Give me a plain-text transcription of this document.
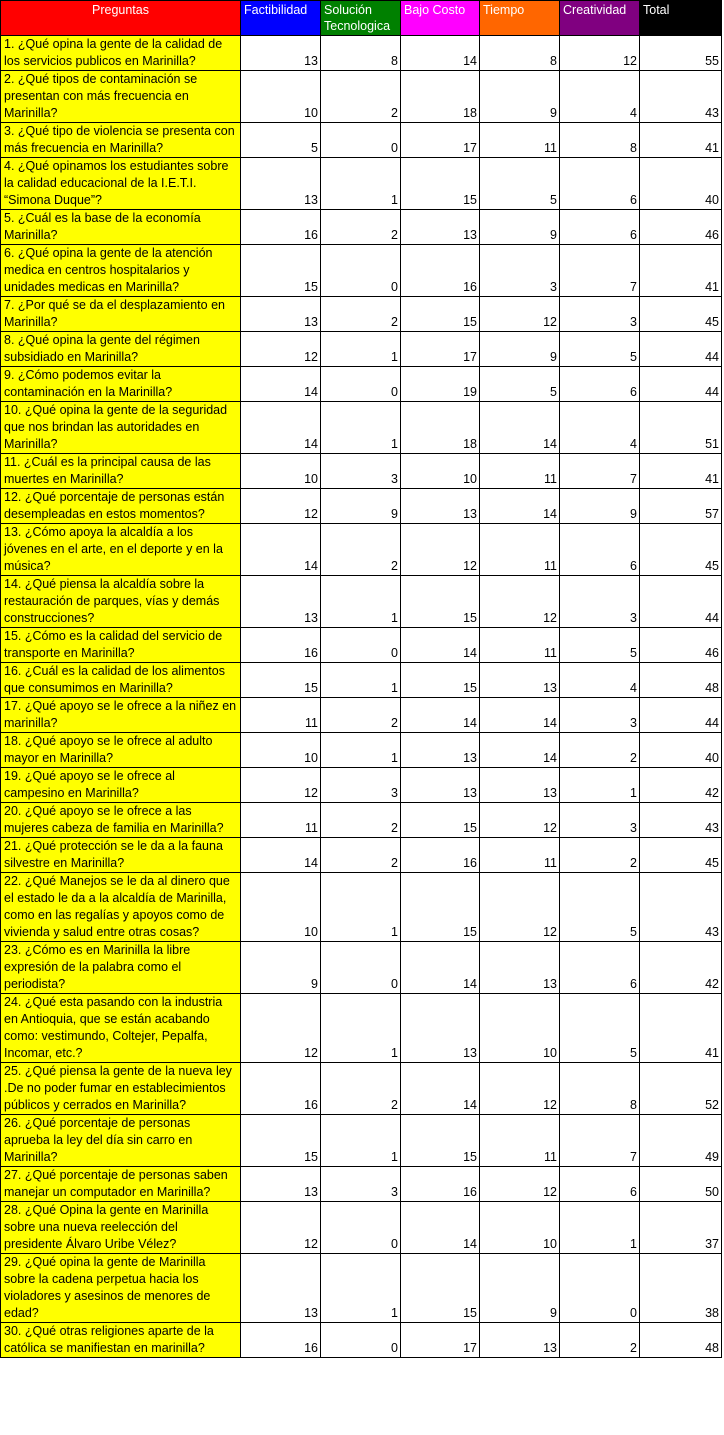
Preguntas	Factibilidad	Solución Tecnologica	Bajo Costo	Tiempo	Creatividad	Total
1. ¿Qué opina la gente de la calidad de los servicios publicos en Marinilla?	13	8	14	8	12	55
2. ¿Qué tipos de contaminación se presentan con más frecuencia en Marinilla?	10	2	18	9	4	43
3. ¿Qué tipo de violencia se presenta con más frecuencia en Marinilla?	5	0	17	11	8	41
4. ¿Qué opinamos los estudiantes sobre la calidad educacional de la I.E.T.I. “Simona Duque”?	13	1	15	5	6	40
5. ¿Cuál es la base de la economía Marinilla?	16	2	13	9	6	46
6. ¿Qué opina la gente de la atención medica en centros hospitalarios y unidades medicas en Marinilla?	15	0	16	3	7	41
7. ¿Por qué se da el desplazamiento en Marinilla?	13	2	15	12	3	45
8. ¿Qué opina la gente del régimen subsidiado en Marinilla?	12	1	17	9	5	44
9. ¿Cómo podemos evitar la contaminación en la Marinilla?	14	0	19	5	6	44
10. ¿Qué opina la gente de la seguridad que nos brindan las autoridades en Marinilla?	14	1	18	14	4	51
11. ¿Cuál es la principal causa de las muertes en Marinilla?	10	3	10	11	7	41
12. ¿Qué porcentaje de personas están desempleadas en estos momentos?	12	9	13	14	9	57
13. ¿Cómo apoya la alcaldía a los jóvenes en el arte, en el deporte y en la música?	14	2	12	11	6	45
14. ¿Qué piensa la alcaldía sobre la restauración de parques, vías y demás construcciones?	13	1	15	12	3	44
15. ¿Cómo es la calidad del servicio de transporte en Marinilla?	16	0	14	11	5	46
16. ¿Cuál es la calidad de los alimentos que consumimos en Marinilla?	15	1	15	13	4	48
17. ¿Qué apoyo se le ofrece a la niñez en marinilla?	11	2	14	14	3	44
18. ¿Qué apoyo se le ofrece al adulto mayor en Marinilla?	10	1	13	14	2	40
19. ¿Qué apoyo se le ofrece al campesino en Marinilla?	12	3	13	13	1	42
20. ¿Qué apoyo se le ofrece a las mujeres cabeza de familia en Marinilla?	11	2	15	12	3	43
21. ¿Qué protección se le da a la fauna silvestre en Marinilla?	14	2	16	11	2	45
22. ¿Qué Manejos se le da al dinero que el estado le da a la alcaldía de Marinilla, como en las regalías y apoyos como de vivienda y salud entre otras cosas?	10	1	15	12	5	43
23. ¿Cómo es en Marinilla la libre expresión de la palabra como el periodista?	9	0	14	13	6	42
24. ¿Qué esta pasando con la industria en Antioquia, que se están acabando como: vestimundo, Coltejer, Pepalfa, Incomar, etc.?	12	1	13	10	5	41
25. ¿Qué piensa la gente de la nueva ley .De no poder fumar en establecimientos públicos y cerrados en Marinilla?	16	2	14	12	8	52
26. ¿Qué porcentaje de personas aprueba la ley del día sin carro en Marinilla?	15	1	15	11	7	49
27. ¿Qué porcentaje de personas saben manejar un computador en Marinilla?	13	3	16	12	6	50
28. ¿Qué Opina la gente en Marinilla sobre una nueva reelección del presidente Álvaro Uribe Vélez?	12	0	14	10	1	37
29. ¿Qué opina la gente de Marinilla sobre la cadena perpetua hacia los violadores y asesinos de menores de edad?	13	1	15	9	0	38
30. ¿Qué otras religiones aparte de la católica se manifiestan en marinilla?	16	0	17	13	2	48
